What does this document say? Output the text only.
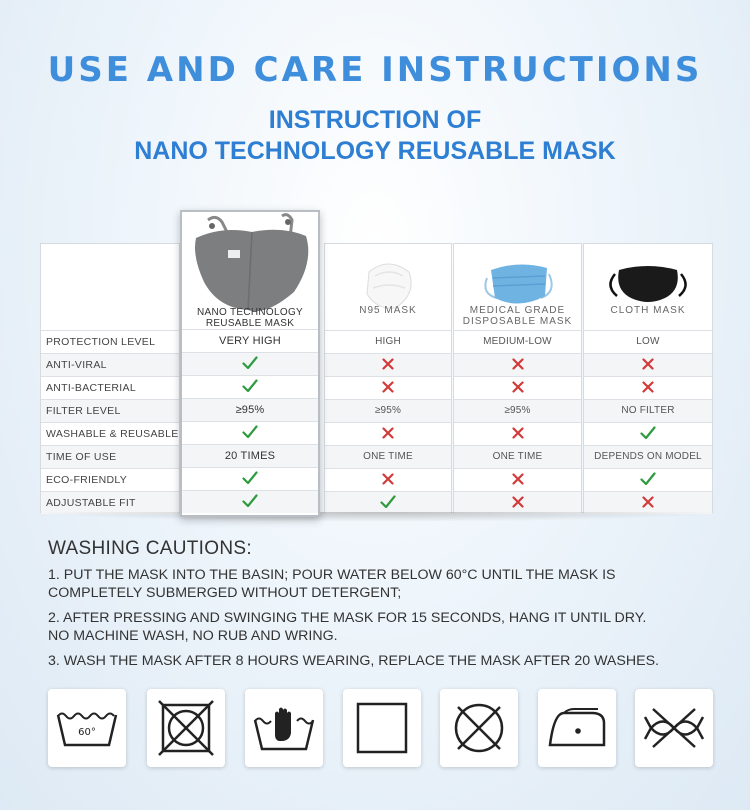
USE AND CARE INSTRUCTIONS
INSTRUCTION OF
NANO TECHNOLOGY REUSABLE MASK
PROTECTION LEVEL
ANTI-VIRAL
ANTI-BACTERIAL
FILTER LEVEL
WASHABLE & REUSABLE
TIME OF USE
ECO-FRIENDLY
ADJUSTABLE FIT
NANO TECHNOLOGY
REUSABLE MASK
VERY HIGH
≥95%
20 TIMES
N95 MASK
HIGH
≥95%
ONE TIME
MEDICAL GRADE
DISPOSABLE MASK
MEDIUM-LOW
≥95%
ONE TIME
CLOTH MASK
LOW
NO FILTER
DEPENDS ON MODEL
WASHING CAUTIONS:
1. PUT THE MASK INTO THE BASIN; POUR WATER BELOW 60°C UNTIL THE MASK IS
COMPLETELY SUBMERGED WITHOUT DETERGENT;
2. AFTER PRESSING AND SWINGING THE MASK FOR 15 SECONDS, HANG IT UNTIL DRY.
NO MACHINE WASH, NO RUB AND WRING.
3. WASH THE MASK AFTER 8 HOURS WEARING, REPLACE THE MASK AFTER 20 WASHES.
60°
